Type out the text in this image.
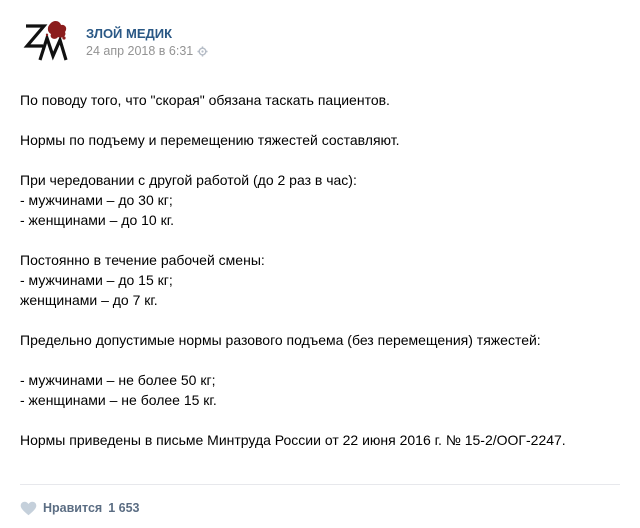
ЗЛОЙ МЕДИК
24 апр 2018 в 6:31
По поводу того, что "скорая" обязана таскать пациентов.
Нормы по подъему и перемещению тяжестей составляют.
При чередовании с другой работой (до 2 раз в час):
- мужчинами – до 30 кг;
- женщинами – до 10 кг.
Постоянно в течение рабочей смены:
- мужчинами – до 15 кг;
женщинами – до 7 кг.
Предельно допустимые нормы разового подъема (без перемещения) тяжестей:
- мужчинами – не более 50 кг;
- женщинами – не более 15 кг.
Нормы приведены в письме Минтруда России от 22 июня 2016 г. № 15-2/ООГ-2247.
Нравится 1 653
